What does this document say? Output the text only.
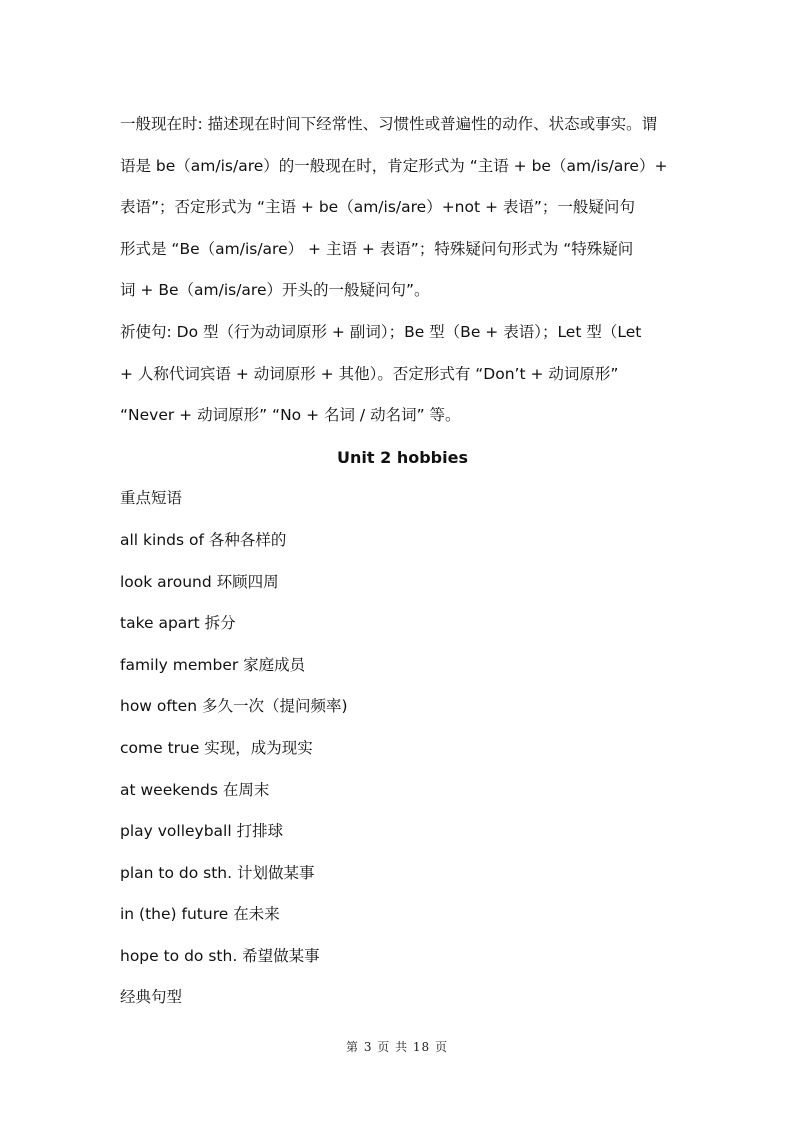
一般现在时: 描述现在时间下经常性、习惯性或普遍性的动作、状态或事实。谓
语是 be（am/is/are）的一般现在时，肯定形式为 “主语 + be（am/is/are）+
表语”；否定形式为 “主语 + be（am/is/are）+not + 表语”；一般疑问句
形式是 “Be（am/is/are） + 主语 + 表语”；特殊疑问句形式为 “特殊疑问
词 + Be（am/is/are）开头的一般疑问句”。
祈使句: Do 型（行为动词原形 + 副词）；Be 型（Be + 表语）；Let 型（Let
+ 人称代词宾语 + 动词原形 + 其他）。否定形式有 “Don’t + 动词原形”
“Never + 动词原形” “No + 名词 / 动名词” 等。
Unit 2 hobbies
重点短语
all kinds of 各种各样的
look around 环顾四周
take apart 拆分
family member 家庭成员
how often 多久一次（提问频率)
come true 实现，成为现实
at weekends 在周末
play volleyball 打排球
plan to do sth. 计划做某事
in (the) future 在未来
hope to do sth. 希望做某事
经典句型
第 3 页 共 18 页
